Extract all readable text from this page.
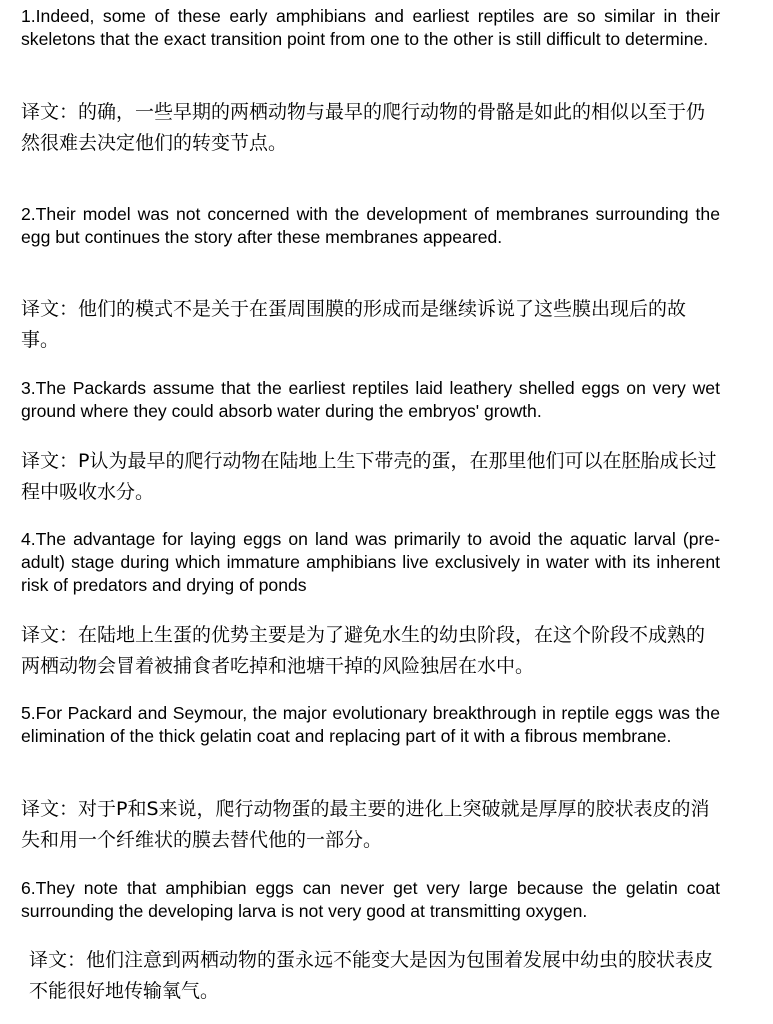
1.Indeed, some of these early amphibians and earliest reptiles are so similar in their skeletons that the exact transition point from one to the other is still difficult to determine.

译文：的确，一些早期的两栖动物与最早的爬行动物的骨骼是如此的相似以至于仍然很难去决定他们的转变节点。

2.Their model was not concerned with the development of membranes surrounding the egg but continues the story after these membranes appeared.

译文：他们的模式不是关于在蛋周围膜的形成而是继续诉说了这些膜出现后的故事。

3.The Packards assume that the earliest reptiles laid leathery shelled eggs on very wet ground where they could absorb water during the embryos' growth.

译文：P认为最早的爬行动物在陆地上生下带壳的蛋，在那里他们可以在胚胎成长过程中吸收水分。

4.The advantage for laying eggs on land was primarily to avoid the aquatic larval (pre-adult) stage during which immature amphibians live exclusively in water with its inherent risk of predators and drying of ponds

译文：在陆地上生蛋的优势主要是为了避免水生的幼虫阶段，在这个阶段不成熟的两栖动物会冒着被捕食者吃掉和池塘干掉的风险独居在水中。

5.For Packard and Seymour, the major evolutionary breakthrough in reptile eggs was the elimination of the thick gelatin coat and replacing part of it with a fibrous membrane.

译文：对于P和S来说，爬行动物蛋的最主要的进化上突破就是厚厚的胶状表皮的消失和用一个纤维状的膜去替代他的一部分。

6.They note that amphibian eggs can never get very large because the gelatin coat surrounding the developing larva is not very good at transmitting oxygen.

译文：他们注意到两栖动物的蛋永远不能变大是因为包围着发展中幼虫的胶状表皮不能很好地传输氧气。
